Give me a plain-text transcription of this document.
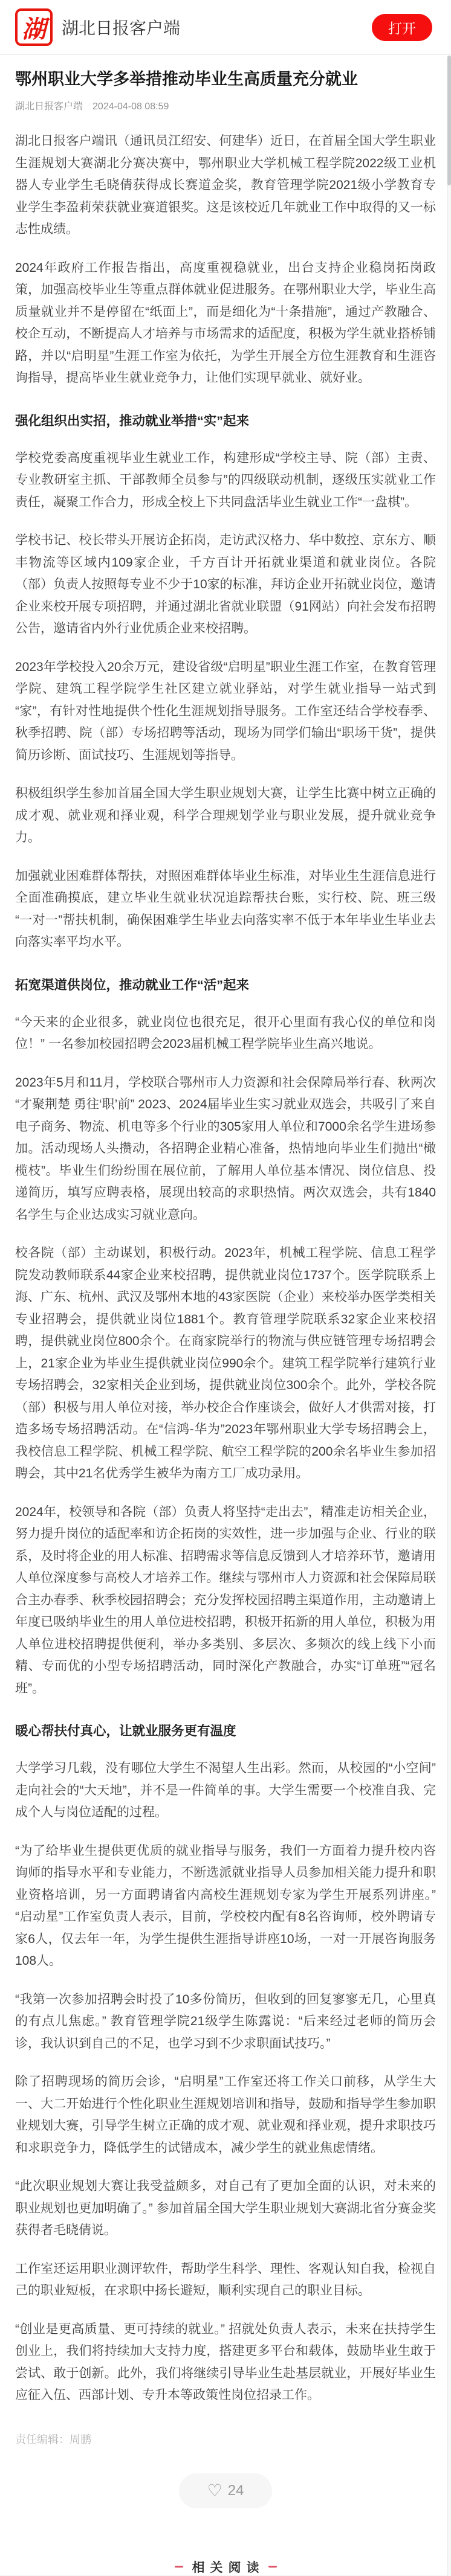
湖 湖北日报客户端	打开
鄂州职业大学多举措推动毕业生高质量充分就业
湖北日报客户端 2024-04-08 08:59

湖北日报客户端讯（通讯员江绍安、何建华）近日，在首届全国大学生职业生涯规划大赛湖北分赛决赛中，鄂州职业大学机械工程学院2022级工业机器人专业学生毛晓倩获得成长赛道金奖，教育管理学院2021级小学教育专业学生李盈莉荣获就业赛道银奖。这是该校近几年就业工作中取得的又一标志性成绩。

2024年政府工作报告指出，高度重视稳就业，出台支持企业稳岗拓岗政策，加强高校毕业生等重点群体就业促进服务。在鄂州职业大学，毕业生高质量就业并不是停留在“纸面上”，而是细化为“十条措施”，通过产教融合、校企互动，不断提高人才培养与市场需求的适配度，积极为学生就业搭桥铺路，并以“启明星”生涯工作室为依托，为学生开展全方位生涯教育和生涯咨询指导，提高毕业生就业竞争力，让他们实现早就业、就好业。

强化组织出实招，推动就业举措“实”起来

学校党委高度重视毕业生就业工作，构建形成“学校主导、院（部）主责、专业教研室主抓、干部教师全员参与”的四级联动机制，逐级压实就业工作责任，凝聚工作合力，形成全校上下共同盘活毕业生就业工作“一盘棋”。

学校书记、校长带头开展访企拓岗，走访武汉格力、华中数控、京东方、顺丰物流等区域内109家企业，千方百计开拓就业渠道和就业岗位。各院（部）负责人按照每专业不少于10家的标准，拜访企业开拓就业岗位，邀请企业来校开展专项招聘，并通过湖北省就业联盟（91网站）向社会发布招聘公告，邀请省内外行业优质企业来校招聘。

2023年学校投入20余万元，建设省级“启明星”职业生涯工作室，在教育管理学院、建筑工程学院学生社区建立就业驿站，对学生就业指导一站式到“家”，有针对性地提供个性化生涯规划指导服务。工作室还结合学校春季、秋季招聘、院（部）专场招聘等活动，现场为同学们输出“职场干货”，提供简历诊断、面试技巧、生涯规划等指导。

积极组织学生参加首届全国大学生职业规划大赛，让学生比赛中树立正确的成才观、就业观和择业观，科学合理规划学业与职业发展，提升就业竞争力。

加强就业困难群体帮扶，对照困难群体毕业生标准，对毕业生生涯信息进行全面准确摸底，建立毕业生就业状况追踪帮扶台账，实行校、院、班三级“一对一”帮扶机制，确保困难学生毕业去向落实率不低于本年毕业生毕业去向落实率平均水平。

拓宽渠道供岗位，推动就业工作“活”起来

“今天来的企业很多，就业岗位也很充足，很开心里面有我心仪的单位和岗位！” 一名参加校园招聘会2023届机械工程学院毕业生高兴地说。

2023年5月和11月，学校联合鄂州市人力资源和社会保障局举行春、秋两次“才聚荆楚 勇往‘职’前” 2023、2024届毕业生实习就业双选会，共吸引了来自电子商务、物流、机电等多个行业的305家用人单位和7000余名学生进场参加。活动现场人头攒动，各招聘企业精心准备，热情地向毕业生们抛出“橄榄枝”。毕业生们纷纷围在展位前，了解用人单位基本情况、岗位信息、投递简历，填写应聘表格，展现出较高的求职热情。两次双选会，共有1840名学生与企业达成实习就业意向。

校各院（部）主动谋划，积极行动。2023年，机械工程学院、信息工程学院发动教师联系44家企业来校招聘，提供就业岗位1737个。医学院联系上海、广东、杭州、武汉及鄂州本地的43家医院（企业）来校举办医学类相关专业招聘会，提供就业岗位1881个。教育管理学院联系32家企业来校招聘，提供就业岗位800余个。在商家院举行的物流与供应链管理专场招聘会上，21家企业为毕业生提供就业岗位990余个。建筑工程学院举行建筑行业专场招聘会，32家相关企业到场，提供就业岗位300余个。此外，学校各院（部）积极与用人单位对接，举办校企合作座谈会，做好人才供需对接，打造多场专场招聘活动。在“信鸿-华为”2023年鄂州职业大学专场招聘会上，我校信息工程学院、机械工程学院、航空工程学院的200余名毕业生参加招聘会，其中21名优秀学生被华为南方工厂成功录用。

2024年，校领导和各院（部）负责人将坚持“走出去”，精准走访相关企业，努力提升岗位的适配率和访企拓岗的实效性，进一步加强与企业、行业的联系，及时将企业的用人标准、招聘需求等信息反馈到人才培养环节，邀请用人单位深度参与高校人才培养工作。继续与鄂州市人力资源和社会保障局联合主办春季、秋季校园招聘会；充分发挥校园招聘主渠道作用，主动邀请上年度已吸纳毕业生的用人单位进校招聘，积极开拓新的用人单位，积极为用人单位进校招聘提供便利，举办多类别、多层次、多频次的线上线下小而精、专而优的小型专场招聘活动，同时深化产教融合，办实“订单班”“冠名班”。

暖心帮扶付真心，让就业服务更有温度

大学学习几载，没有哪位大学生不渴望人生出彩。然而，从校园的“小空间”走向社会的“大天地”，并不是一件简单的事。大学生需要一个校准自我、完成个人与岗位适配的过程。

“为了给毕业生提供更优质的就业指导与服务，我们一方面着力提升校内咨询师的指导水平和专业能力，不断选派就业指导人员参加相关能力提升和职业资格培训，另一方面聘请省内高校生涯规划专家为学生开展系列讲座。” “启动星”工作室负责人表示，目前，学校校内配有8名咨询师，校外聘请专家6人，仅去年一年，为学生提供生涯指导讲座10场，一对一开展咨询服务108人。

“我第一次参加招聘会时投了10多份简历，但收到的回复寥寥无几，心里真的有点儿焦虑。” 教育管理学院21级学生陈露说：“后来经过老师的简历会诊，我认识到自己的不足，也学习到不少求职面试技巧。”

除了招聘现场的简历会诊，“启明星”工作室还将工作关口前移，从学生大一、大二开始进行个性化职业生涯规划培训和指导，鼓励和指导学生参加职业规划大赛，引导学生树立正确的成才观、就业观和择业观，提升求职技巧和求职竞争力，降低学生的试错成本，减少学生的就业焦虑情绪。

“此次职业规划大赛让我受益颇多，对自己有了更加全面的认识，对未来的职业规划也更加明确了。” 参加首届全国大学生职业规划大赛湖北省分赛金奖获得者毛晓倩说。

工作室还运用职业测评软件，帮助学生科学、理性、客观认知自我，检视自己的职业短板，在求职中扬长避短，顺利实现自己的职业目标。

“创业是更高质量、更可持续的就业。” 招就处负责人表示，未来在扶持学生创业上，我们将持续加大支持力度，搭建更多平台和载体，鼓励毕业生敢于尝试、敢于创新。此外，我们将继续引导毕业生赴基层就业，开展好毕业生应征入伍、西部计划、专升本等政策性岗位招录工作。

责任编辑：周鹏
♡ 24
相关阅读
